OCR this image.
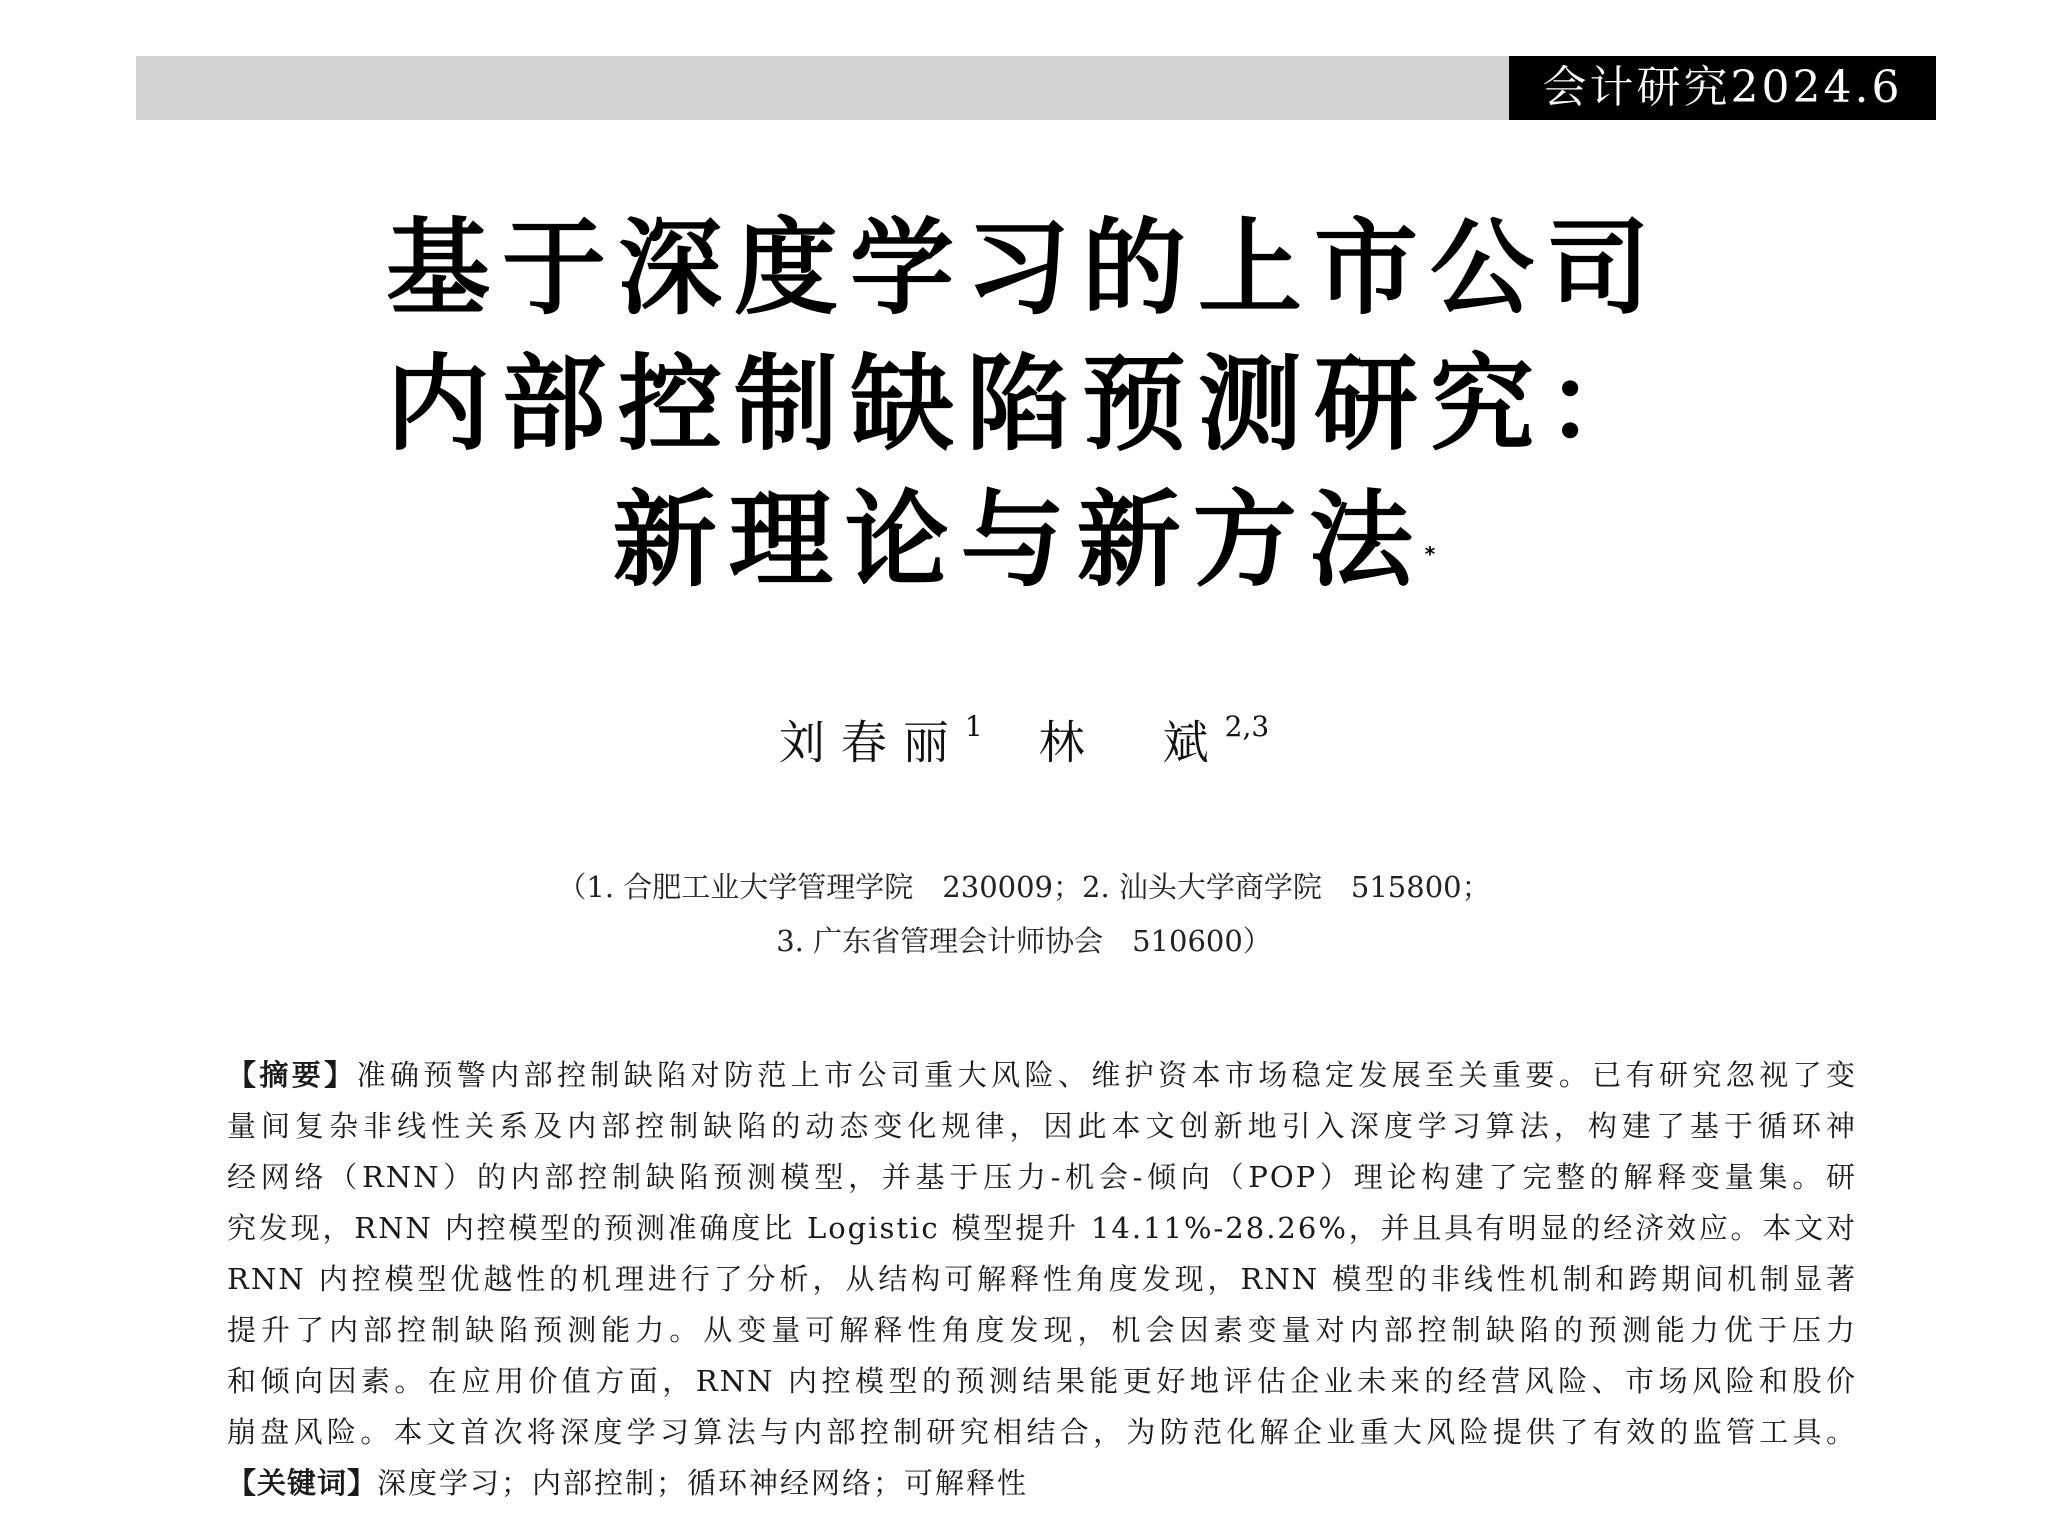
会计研究2024.6
基于深度学习的上市公司
内部控制缺陷预测研究：
新理论与新方法*
刘春丽$^1$ 林　斌$^{2,3}$
（1. 合肥工业大学管理学院　230009；2. 汕头大学商学院　515800；
3. 广东省管理会计师协会　510600）
【摘要】准确预警内部控制缺陷对防范上市公司重大风险、维护资本市场稳定发展至关重要。已有研究忽视了变
量间复杂非线性关系及内部控制缺陷的动态变化规律，因此本文创新地引入深度学习算法，构建了基于循环神
经网络（RNN）的内部控制缺陷预测模型，并基于压力-机会-倾向（POP）理论构建了完整的解释变量集。研
究发现，RNN 内控模型的预测准确度比 Logistic 模型提升 14.11%-28.26%，并且具有明显的经济效应。本文对
RNN 内控模型优越性的机理进行了分析，从结构可解释性角度发现，RNN 模型的非线性机制和跨期间机制显著
提升了内部控制缺陷预测能力。从变量可解释性角度发现，机会因素变量对内部控制缺陷的预测能力优于压力
和倾向因素。在应用价值方面，RNN 内控模型的预测结果能更好地评估企业未来的经营风险、市场风险和股价
崩盘风险。本文首次将深度学习算法与内部控制研究相结合，为防范化解企业重大风险提供了有效的监管工具。
【关键词】深度学习；内部控制；循环神经网络；可解释性
